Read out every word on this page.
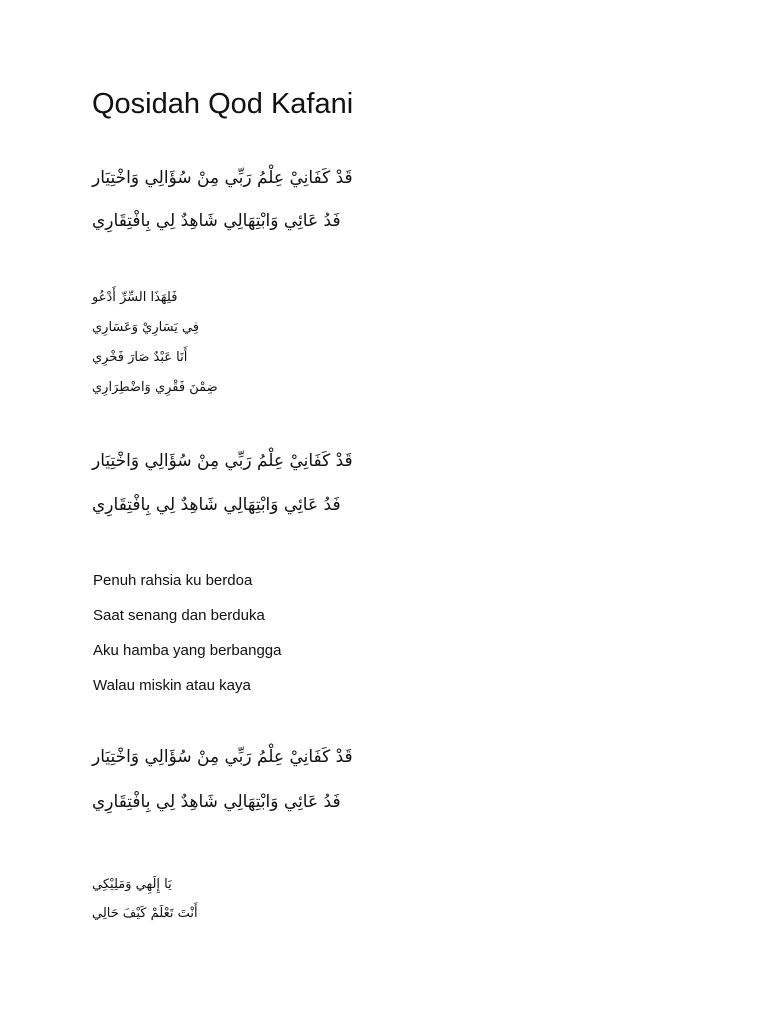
Qosidah Qod Kafani

قَدْ كَفَانِيْ عِلْمُ رَبِّي مِنْ سُؤَالِي وَاخْتِيَار

فَدُ عَائِي وَابْتِهَالِي شَاهِدٌ لِي بِافْتِقَارِي

فَلِهَذَا السِّرِّ أَدْعُو

فِي يَسَارِيْ وَعَسَارِي

أَنَا عَبْدٌ صَارَ فَخْرِي

ضِمْنَ فَقْرِي وَاضْطِرَارِي

قَدْ كَفَانِيْ عِلْمُ رَبِّي مِنْ سُؤَالِي وَاخْتِيَار

فَدُ عَائِي وَابْتِهَالِي شَاهِدٌ لِي بِافْتِقَارِي

Penuh rahsia ku berdoa

Saat senang dan berduka

Aku hamba yang berbangga

Walau miskin atau kaya

قَدْ كَفَانِيْ عِلْمُ رَبِّي مِنْ سُؤَالِي وَاخْتِيَار

فَدُ عَائِي وَابْتِهَالِي شَاهِدٌ لِي بِافْتِقَارِي

يَا إِلَهِي وَمَلِيْكِي

أَنْتَ تَعْلَمْ كَيْفَ حَالِي
